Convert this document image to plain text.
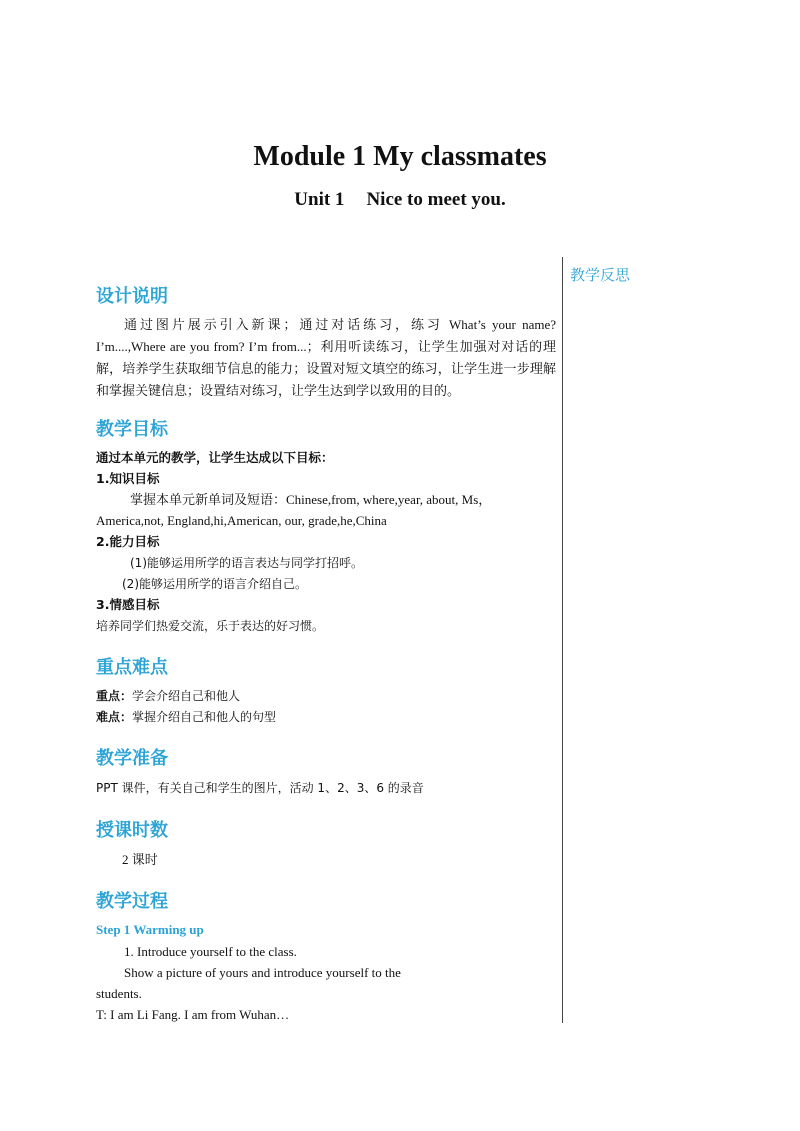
Module 1 My classmates
Unit 1 Nice to meet you.
教学反思
设计说明
通过图片展示引入新课；通过对话练习，练习 What’s your name? I’m....,Where are you from? I’m from...；利用听读练习，让学生加强对对话的理解，培养学生获取细节信息的能力；设置对短文填空的练习，让学生进一步理解和掌握关键信息；设置结对练习，让学生达到学以致用的目的。
教学目标
通过本单元的教学，让学生达成以下目标：
1.知识目标
掌握本单元新单词及短语：Chinese,from, where,year, about, Ms，
America,not, England,hi,American, our, grade,he,China
2.能力目标
(1)能够运用所学的语言表达与同学打招呼。
(2)能够运用所学的语言介绍自己。
3.情感目标
培养同学们热爱交流，乐于表达的好习惯。
重点难点
重点：学会介绍自己和他人
难点：掌握介绍自己和他人的句型
教学准备
PPT 课件，有关自己和学生的图片，活动 1、2、3、6 的录音
授课时数
2 课时
教学过程
Step 1 Warming up
1. Introduce yourself to the class.
Show a picture of yours and introduce yourself to the
students.
T: I am Li Fang. I am from Wuhan…
